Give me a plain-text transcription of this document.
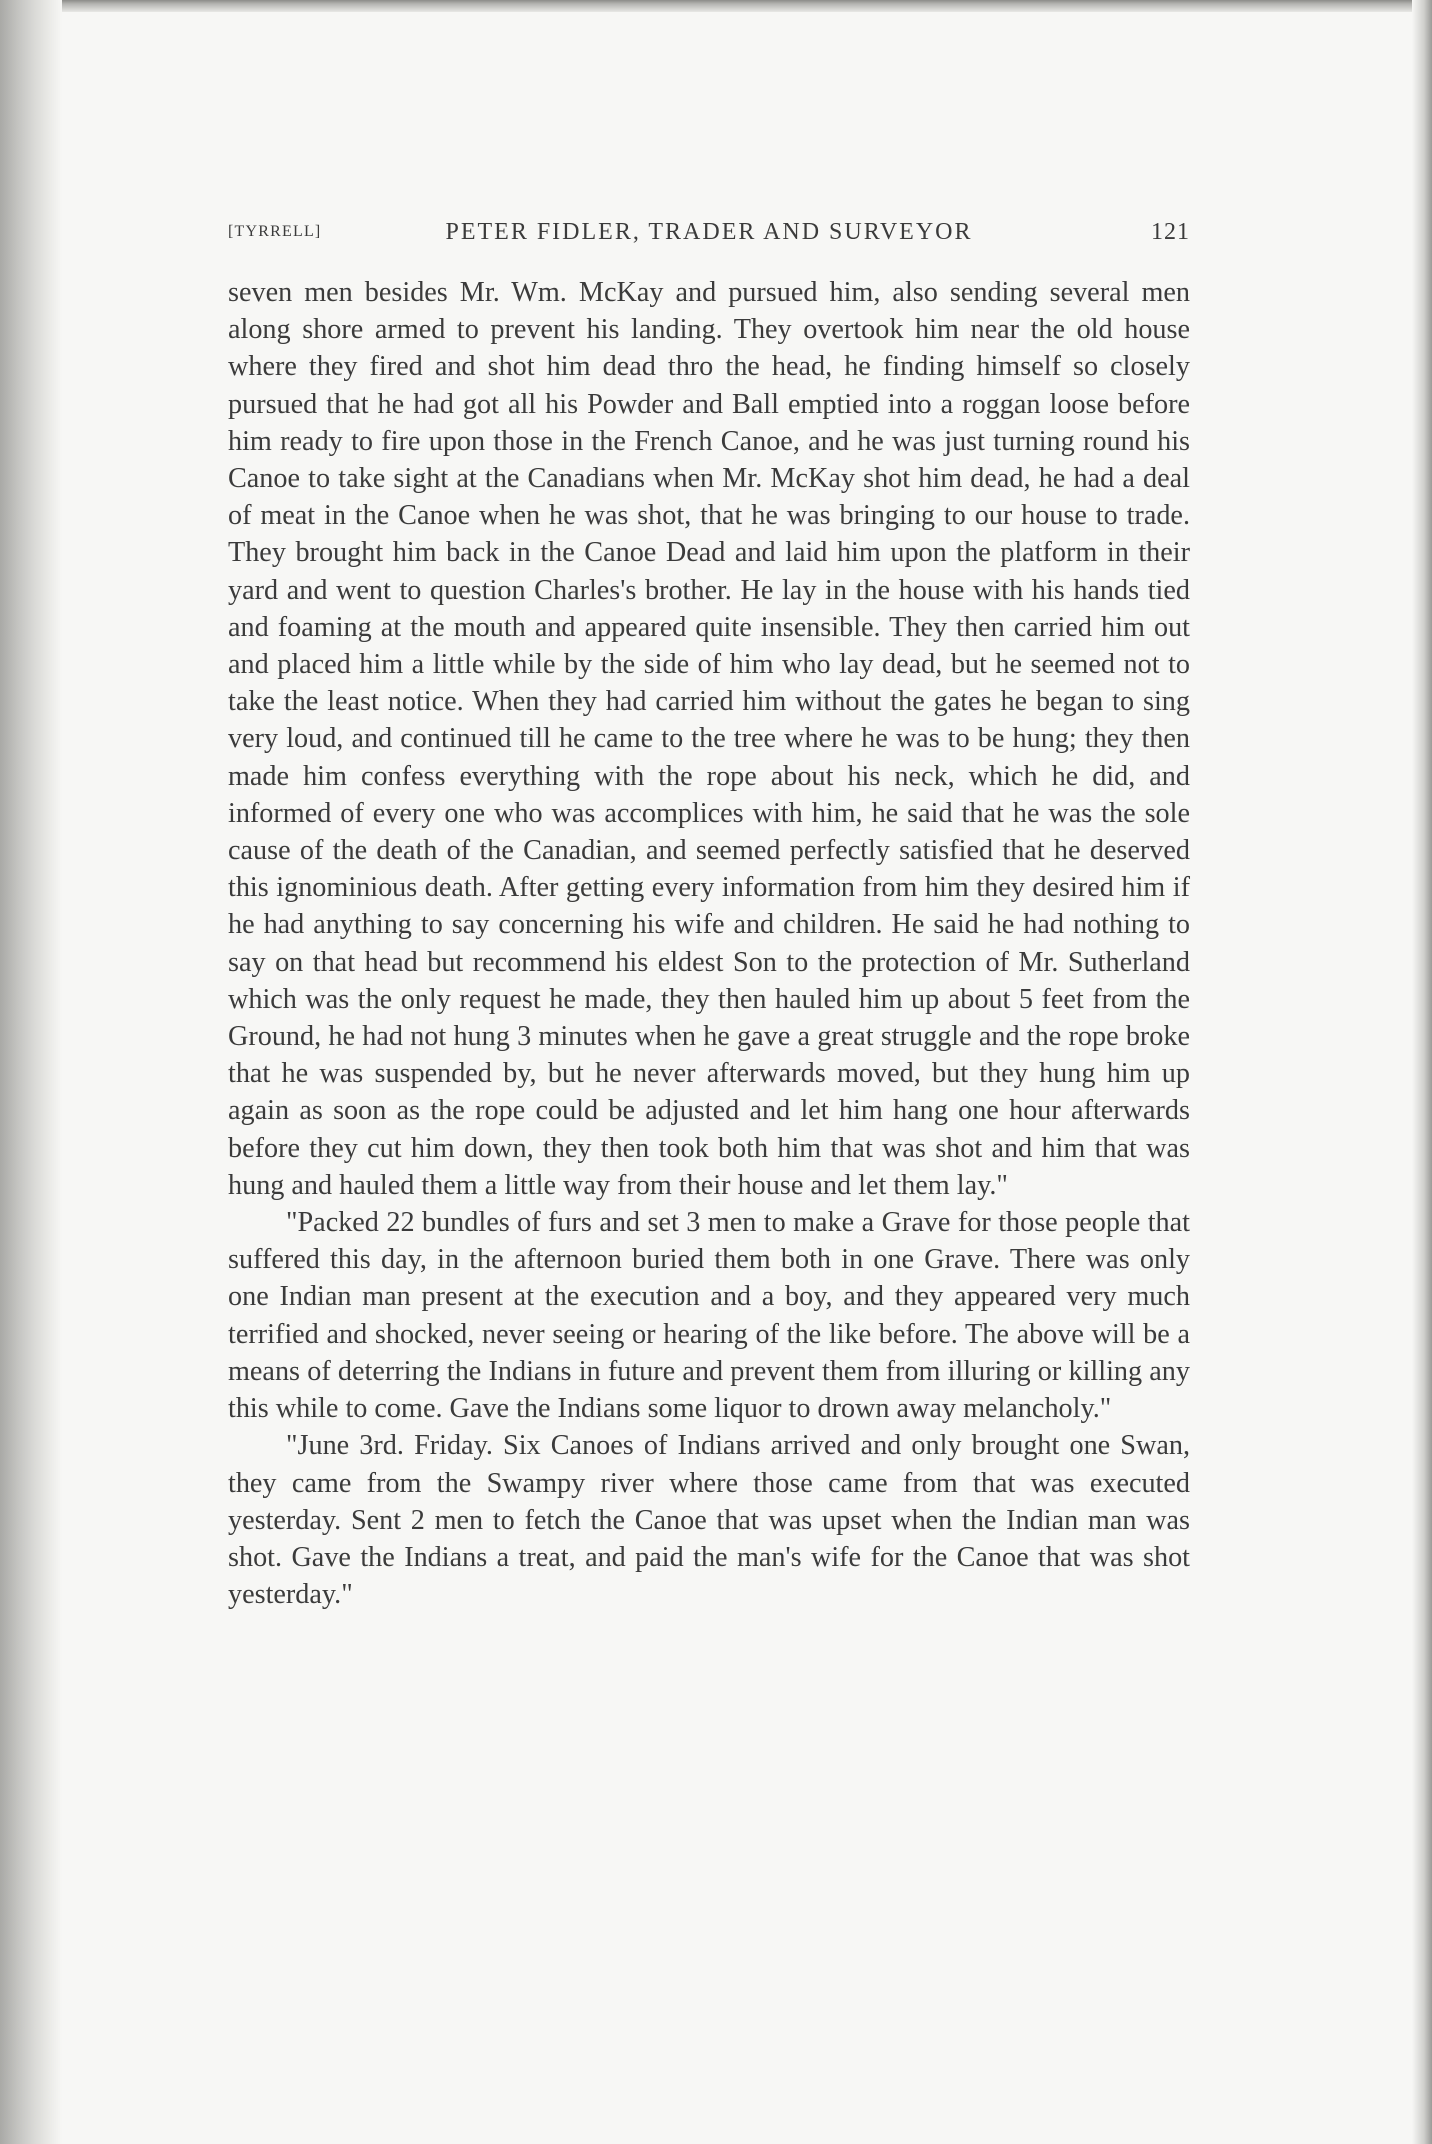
[TYRRELL]	PETER FIDLER, TRADER AND SURVEYOR	121

seven men besides Mr. Wm. McKay and pursued him, also sending several men along shore armed to prevent his landing. They overtook him near the old house where they fired and shot him dead thro the head, he finding himself so closely pursued that he had got all his Powder and Ball emptied into a roggan loose before him ready to fire upon those in the French Canoe, and he was just turning round his Canoe to take sight at the Canadians when Mr. McKay shot him dead, he had a deal of meat in the Canoe when he was shot, that he was bringing to our house to trade. They brought him back in the Canoe Dead and laid him upon the platform in their yard and went to question Charles's brother. He lay in the house with his hands tied and foaming at the mouth and appeared quite insensible. They then carried him out and placed him a little while by the side of him who lay dead, but he seemed not to take the least notice. When they had carried him without the gates he began to sing very loud, and continued till he came to the tree where he was to be hung; they then made him confess everything with the rope about his neck, which he did, and informed of every one who was accomplices with him, he said that he was the sole cause of the death of the Canadian, and seemed perfectly satisfied that he deserved this ignominious death. After getting every information from him they desired him if he had anything to say concerning his wife and children. He said he had nothing to say on that head but recommend his eldest Son to the protection of Mr. Sutherland which was the only request he made, they then hauled him up about 5 feet from the Ground, he had not hung 3 minutes when he gave a great struggle and the rope broke that he was suspended by, but he never afterwards moved, but they hung him up again as soon as the rope could be adjusted and let him hang one hour afterwards before they cut him down, they then took both him that was shot and him that was hung and hauled them a little way from their house and let them lay."

"Packed 22 bundles of furs and set 3 men to make a Grave for those people that suffered this day, in the afternoon buried them both in one Grave. There was only one Indian man present at the execution and a boy, and they appeared very much terrified and shocked, never seeing or hearing of the like before. The above will be a means of deterring the Indians in future and prevent them from illuring or killing any this while to come. Gave the Indians some liquor to drown away melancholy."

"June 3rd. Friday. Six Canoes of Indians arrived and only brought one Swan, they came from the Swampy river where those came from that was executed yesterday. Sent 2 men to fetch the Canoe that was upset when the Indian man was shot. Gave the Indians a treat, and paid the man's wife for the Canoe that was shot yesterday."
